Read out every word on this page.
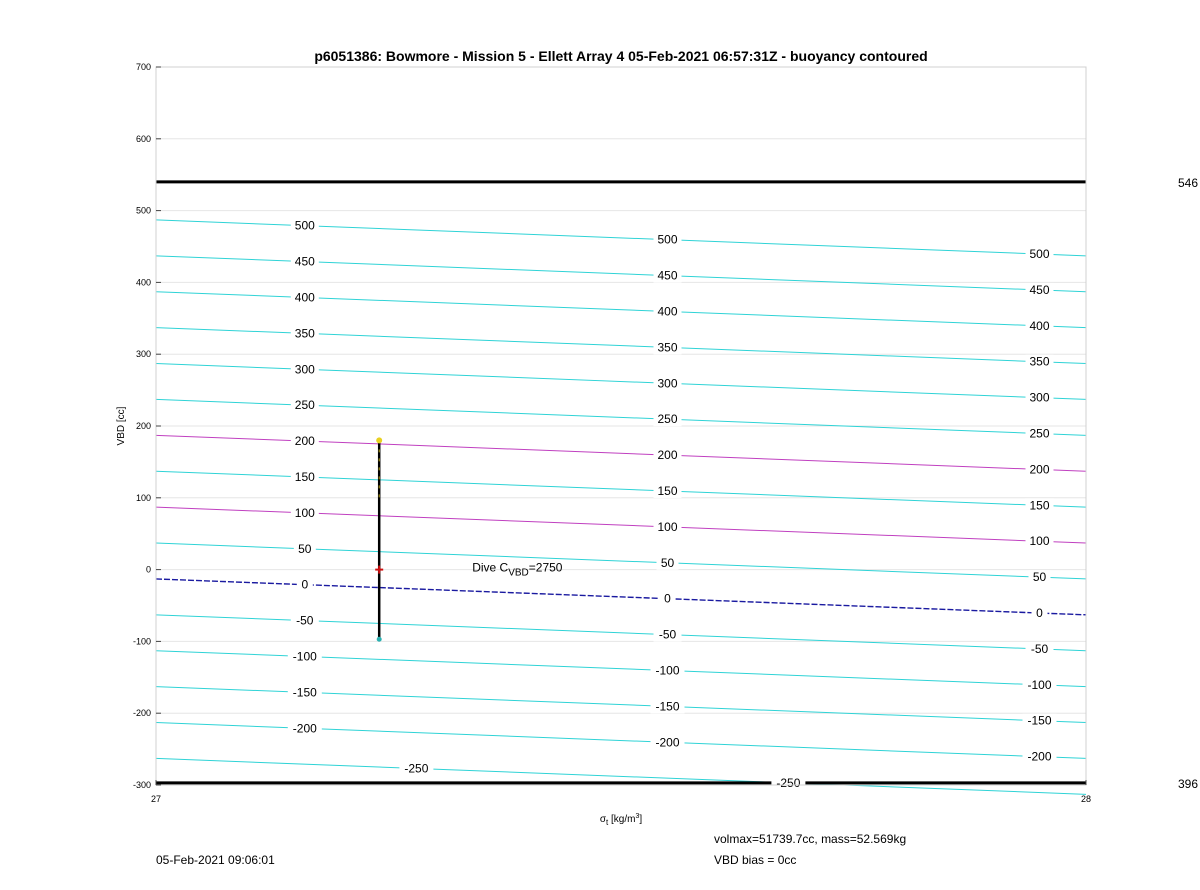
546
396
500
500
500
450
450
450
400
400
400
350
350
350
300
300
300
250
250
250
200
200
200
150
150
150
100
100
100
50
50
50
0
0
0
-50
-50
-50
-100
-100
-100
-150
-150
-150
-200
-200
-200
-250
-250
700
600
500
400
300
200
100
0
-100
-200
-300
27	28
p6051386: Bowmore - Mission 5 - Ellett Array 4 05-Feb-2021 06:57:31Z - buoyancy contoured
VBD [cc]
$\sigma_t$ $[kg/m^3]$
Dive $C_{VBD}=2750$
05-Feb-2021 09:06:01
volmax=51739.7cc, mass=52.569kg
VBD bias = 0cc
